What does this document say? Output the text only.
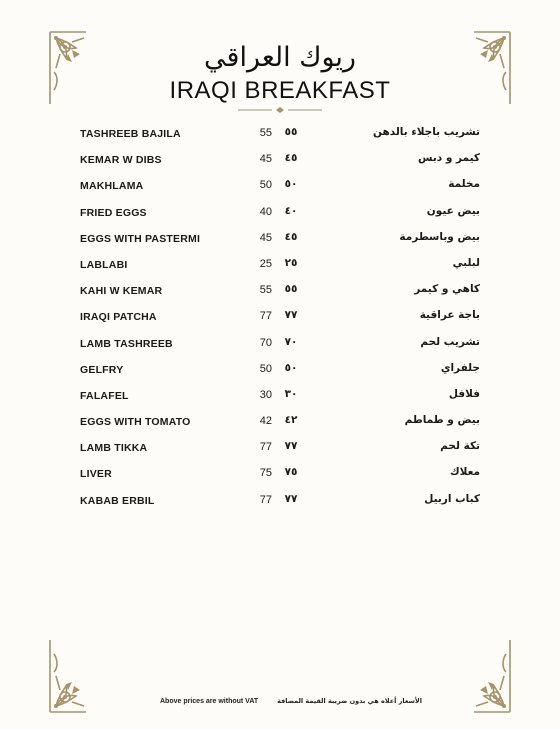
ريوك العراقي
IRAQI BREAKFAST
TASHREEB BAJILA	55	٥٥	تشريب باجلاء بالدهن
KEMAR W DIBS	45	٤٥	كيمر و دبس
MAKHLAMA	50	٥٠	مخلمة
FRIED EGGS	40	٤٠	بيض عيون
EGGS WITH PASTERMI	45	٤٥	بيض وباسطرمة
LABLABI	25	٢٥	لبلبي
KAHI W KEMAR	55	٥٥	كاهي و كيمر
IRAQI PATCHA	77	٧٧	باجة عراقية
LAMB TASHREEB	70	٧٠	تشريب لحم
GELFRY	50	٥٠	جلفراي
FALAFEL	30	٣٠	فلافل
EGGS WITH TOMATO	42	٤٢	بيض و طماطم
LAMB TIKKA	77	٧٧	تكة لحم
LIVER	75	٧٥	معلاك
KABAB ERBIL	77	٧٧	كباب اربيل
Above prices are without VAT	الأسعار أعلاه هي بدون ضريبة القيمة المضافة
